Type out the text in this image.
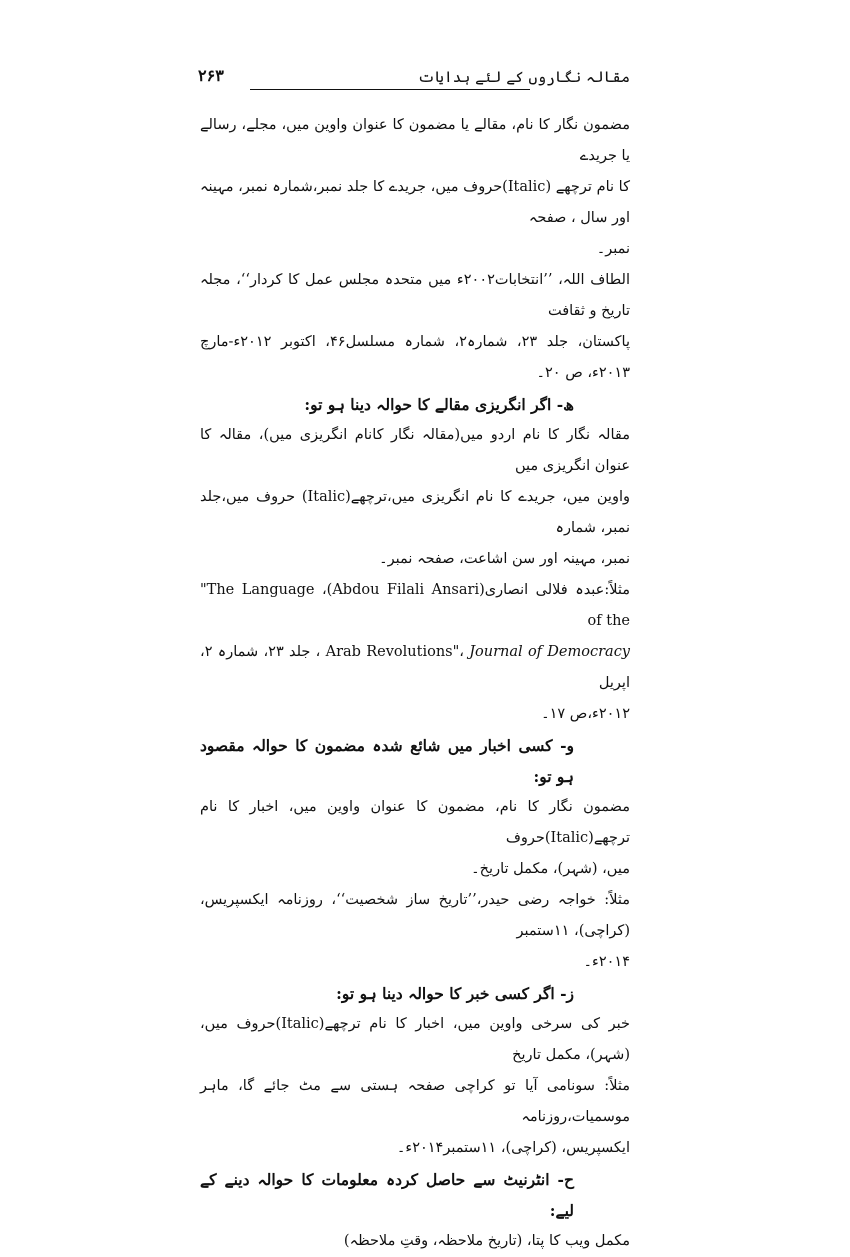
مقالہ نگاروں کے لئے ہدایات
۲۶۳

مضمون نگار کا نام، مقالے یا مضمون کا عنوان واوین میں، مجلے، رسالے یا جریدے

کا نام ترچھے (Italic)حروف میں، جریدے کا جلد نمبر،شمارہ نمبر، مہینہ اور سال ، صفحہ

نمبر۔

الطاف اللہ، ’’انتخابات۲۰۰۲ء میں متحدہ مجلس عمل کا کردار‘‘، مجلہ تاریخ و ثقافت

پاکستان، جلد ۲۳، شمارہ۲، شمارہ مسلسل۴۶، اکتوبر ۲۰۱۲ء-مارچ ۲۰۱۳ء، ص ۲۰۔

ھ- اگر انگریزی مقالے کا حوالہ دینا ہو تو:

مقالہ نگار کا نام اردو میں(مقالہ نگار کانام انگریزی میں)، مقالہ کا عنوان انگریزی میں

واوین میں، جریدے کا نام انگریزی میں،ترچھے(Italic) حروف میں،جلد نمبر، شمارہ

نمبر، مہینہ اور سن اشاعت، صفحہ نمبر۔

مثلاً:عبدہ فلالی انصاری(Abdou Filali Ansari)، "The Language of the

Arab Revolutions"، Journal of Democracy ، جلد ۲۳، شمارہ ۲، اپریل

۲۰۱۲ء،ص ۱۷۔

و- کسی اخبار میں شائع شدہ مضمون کا حوالہ مقصود ہو تو:

مضمون نگار کا نام، مضمون کا عنوان واوین میں، اخبار کا نام ترچھے(Italic)حروف

میں، (شہر)، مکمل تاریخ۔

مثلاً: خواجہ رضی حیدر،’’تاریخ ساز شخصیت‘‘، روزنامہ ایکسپریس، (کراچی)، ۱۱ستمبر

۲۰۱۴ء۔

ز- اگر کسی خبر کا حوالہ دینا ہو تو:

خبر کی سرخی واوین میں، اخبار کا نام ترچھے(Italic)حروف میں، (شہر)، مکمل تاریخ

مثلاً: سونامی آیا تو کراچی صفحہ ہستی سے مٹ جائے گا، ماہر موسمیات،روزنامہ

ایکسپریس، (کراچی)، ۱۱ستمبر۲۰۱۴ء۔

ح- انٹرنیٹ سے حاصل کردہ معلومات کا حوالہ دینے کے لیے:

مکمل ویب کا پتا، (تاریخ ملاحظہ، وقتِ ملاحظہ)
